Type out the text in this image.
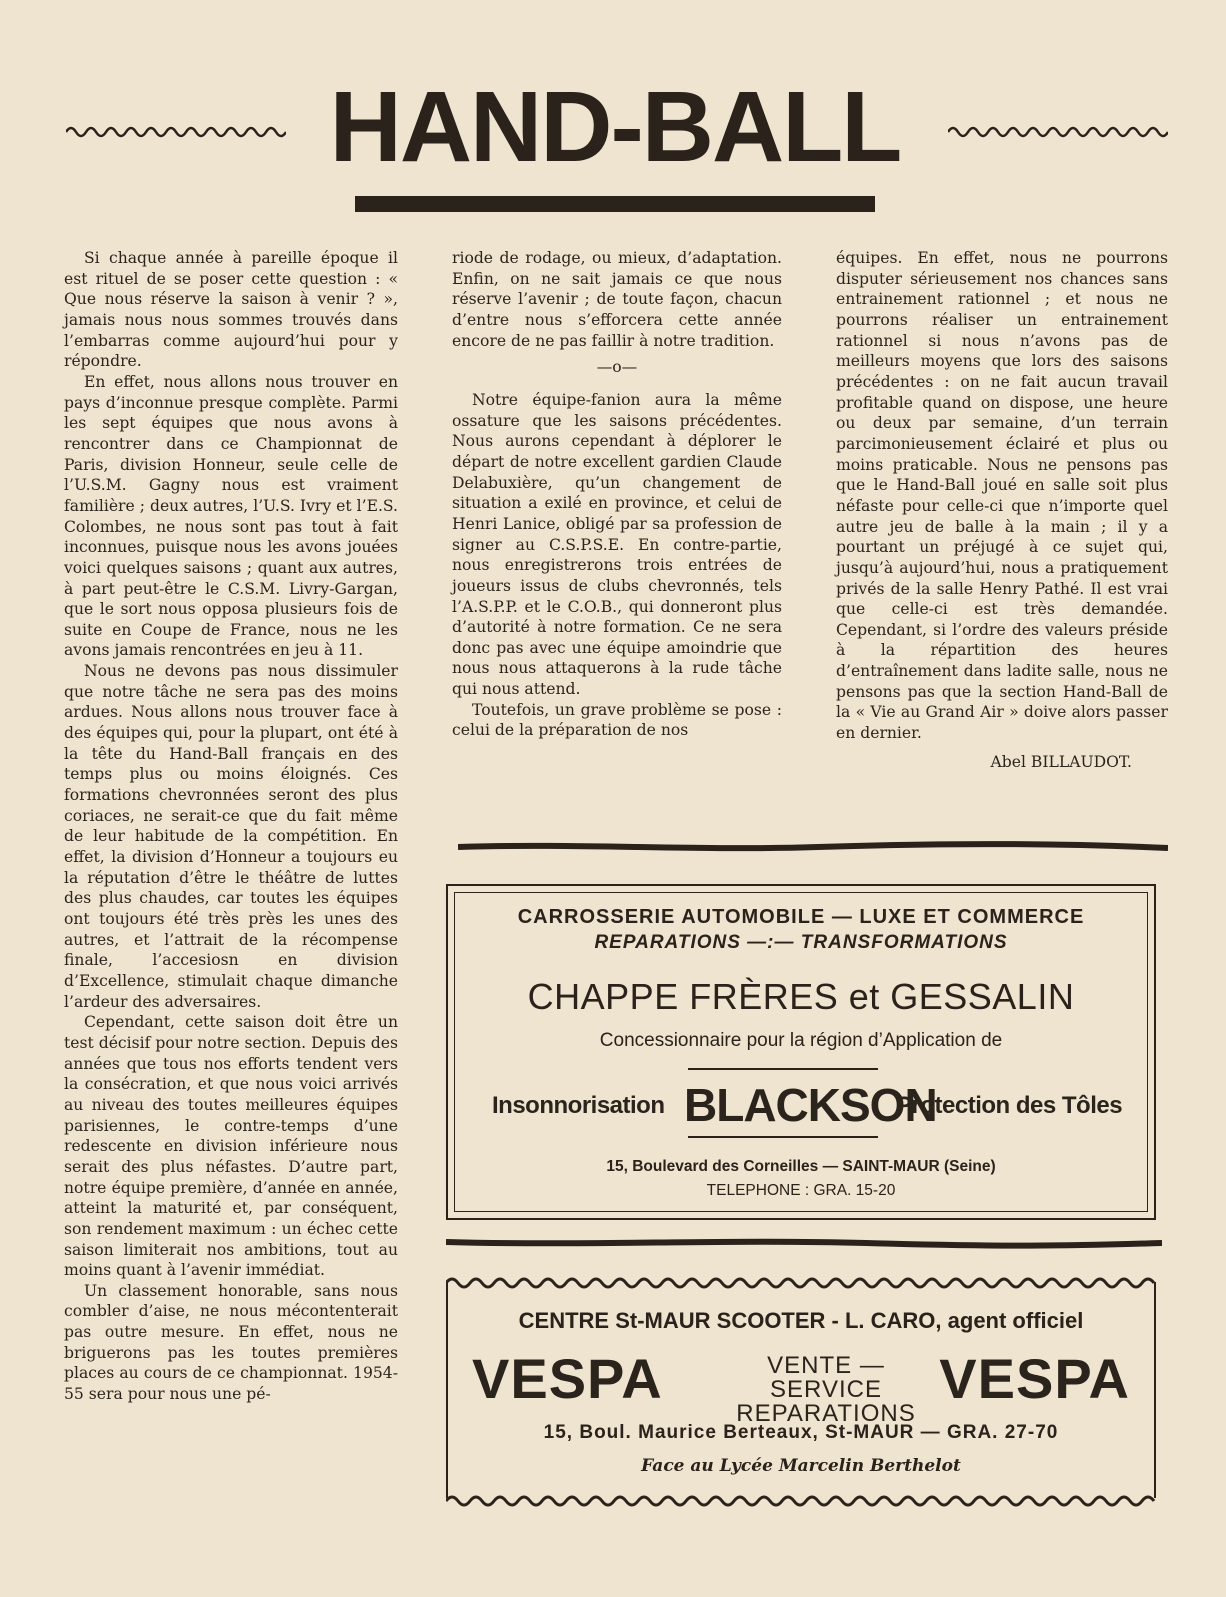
HAND-BALL

Si chaque année à pareille époque il est rituel de se poser cette question : « Que nous réserve la saison à venir ? », jamais nous nous sommes trouvés dans l’embarras comme aujourd’hui pour y répondre.

En effet, nous allons nous trouver en pays d’inconnue presque complète. Parmi les sept équipes que nous avons à rencontrer dans ce Championnat de Paris, division Honneur, seule celle de l’U.S.M. Gagny nous est vraiment familière ; deux autres, l’U.S. Ivry et l’E.S. Colombes, ne nous sont pas tout à fait inconnues, puisque nous les avons jouées voici quelques saisons ; quant aux autres, à part peut-être le C.S.M. Livry-Gargan, que le sort nous opposa plusieurs fois de suite en Coupe de France, nous ne les avons jamais rencontrées en jeu à 11.

Nous ne devons pas nous dissimuler que notre tâche ne sera pas des moins ardues. Nous allons nous trouver face à des équipes qui, pour la plupart, ont été à la tête du Hand-Ball français en des temps plus ou moins éloignés. Ces formations chevronnées seront des plus coriaces, ne serait-ce que du fait même de leur habitude de la compétition. En effet, la division d’Honneur a toujours eu la réputation d’être le théâtre de luttes des plus chaudes, car toutes les équipes ont toujours été très près les unes des autres, et l’attrait de la récompense finale, l’accesiosn en division d’Excellence, stimulait chaque dimanche l’ardeur des adversaires.

Cependant, cette saison doit être un test décisif pour notre section. Depuis des années que tous nos efforts tendent vers la consécration, et que nous voici arrivés au niveau des toutes meilleures équipes parisiennes, le contre-temps d’une redescente en division inférieure nous serait des plus néfastes. D’autre part, notre équipe première, d’année en année, atteint la maturité et, par conséquent, son rendement maximum : un échec cette saison limiterait nos ambitions, tout au moins quant à l’avenir immédiat.

Un classement honorable, sans nous combler d’aise, ne nous mécontenterait pas outre mesure. En effet, nous ne briguerons pas les toutes premières places au cours de ce championnat. 1954-55 sera pour nous une pé-

riode de rodage, ou mieux, d’adaptation. Enfin, on ne sait jamais ce que nous réserve l’avenir ; de toute façon, chacun d’entre nous s’efforcera cette année encore de ne pas faillir à notre tradition.

—o—

Notre équipe-fanion aura la même ossature que les saisons précédentes. Nous aurons cependant à déplorer le départ de notre excellent gardien Claude Delabuxière, qu’un changement de situation a exilé en province, et celui de Henri Lanice, obligé par sa profession de signer au C.S.P.S.E. En contre-partie, nous enregistrerons trois entrées de joueurs issus de clubs chevronnés, tels l’A.S.P.P. et le C.O.B., qui donneront plus d’autorité à notre formation. Ce ne sera donc pas avec une équipe amoindrie que nous nous attaquerons à la rude tâche qui nous attend.

Toutefois, un grave problème se pose : celui de la préparation de nos

équipes. En effet, nous ne pourrons disputer sérieusement nos chances sans entrainement rationnel ; et nous ne pourrons réaliser un entrainement rationnel si nous n’avons pas de meilleurs moyens que lors des saisons précédentes : on ne fait aucun travail profitable quand on dispose, une heure ou deux par semaine, d’un terrain parcimonieusement éclairé et plus ou moins praticable. Nous ne pensons pas que le Hand-Ball joué en salle soit plus néfaste pour celle-ci que n’importe quel autre jeu de balle à la main ; il y a pourtant un préjugé à ce sujet qui, jusqu’à aujourd’hui, nous a pratiquement privés de la salle Henry Pathé. Il est vrai que celle-ci est très demandée. Cependant, si l’ordre des valeurs préside à la répartition des heures d’entraînement dans ladite salle, nous ne pensons pas que la section Hand-Ball de la « Vie au Grand Air » doive alors passer en dernier.

Abel BILLAUDOT.

CARROSSERIE AUTOMOBILE — LUXE ET COMMERCE
REPARATIONS —:— TRANSFORMATIONS
CHAPPE FRÈRES et GESSALIN
Concessionnaire pour la région d’Application de
Insonnorisation BLACKSON
Protection des Tôles
15, Boulevard des Corneilles — SAINT-MAUR (Seine)
TELEPHONE : GRA. 15-20
CENTRE St-MAUR SCOOTER - L. CARO, agent officiel
VESPA	VENTE — SERVICE
REPARATIONS
VESPA
15, Boul. Maurice Berteaux, St-MAUR — GRA. 27-70
Face au Lycée Marcelin Berthelot
